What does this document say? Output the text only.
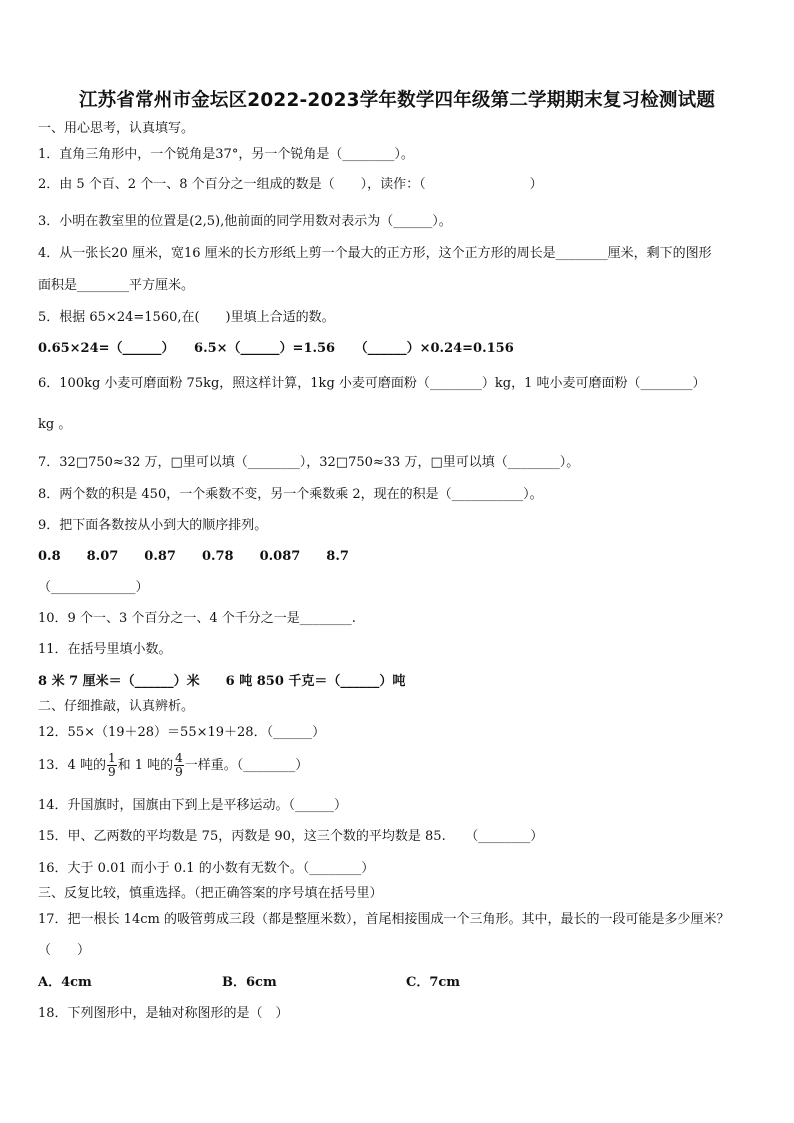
江苏省常州市金坛区2022-2023学年数学四年级第二学期期末复习检测试题
一、用心思考，认真填写。
1．直角三角形中，一个锐角是37°，另一个锐角是（________）。
2．由 5 个百、2 个一、8 个百分之一组成的数是（　　），读作：（　　　　　　　　）
3．小明在教室里的位置是(2,5),他前面的同学用数对表示为（______）。
4．从一张长20 厘米，宽16 厘米的长方形纸上剪一个最大的正方形，这个正方形的周长是________厘米，剩下的图形
面积是________平方厘米。
5．根据 65×24=1560,在(　　)里填上合适的数。
0.65×24=（______）　　6.5×（______）=1.56　　（______）×0.24=0.156
6．100kg 小麦可磨面粉 75kg，照这样计算，1kg 小麦可磨面粉（________）kg，1 吨小麦可磨面粉（________）
kg 。
7．32□750≈32 万，□里可以填（________），32□750≈33 万，□里可以填（________）。
8．两个数的积是 450，一个乘数不变，另一个乘数乘 2，现在的积是（___________）。
9．把下面各数按从小到大的顺序排列。
0.8　　8.07　　0.87　　0.78　　0.087　　8.7
（_____________）
10．9 个一、3 个百分之一、4 个千分之一是________.
11．在括号里填小数。
8 米 7 厘米＝（______）米　　6 吨 850 千克＝（______）吨
二、仔细推敲，认真辨析。
12．55×（19＋28）＝55×19＋28．（______）
13．4 吨的 $\frac{1}{9}$ 和 1 吨的 $\frac{4}{9}$ 一样重。（________）
14．升国旗时，国旗由下到上是平移运动。（______）
15．甲、乙两数的平均数是 75，丙数是 90，这三个数的平均数是 85.　　（________）
16．大于 0.01 而小于 0.1 的小数有无数个。（________）
三、反复比较，慎重选择。（把正确答案的序号填在括号里）
17．把一根长 14cm 的吸管剪成三段（都是整厘米数），首尾相接围成一个三角形。其中，最长的一段可能是多少厘米？
（　　）
A．4cm	B．6cm	C．7cm
18．下列图形中，是轴对称图形的是（　）
